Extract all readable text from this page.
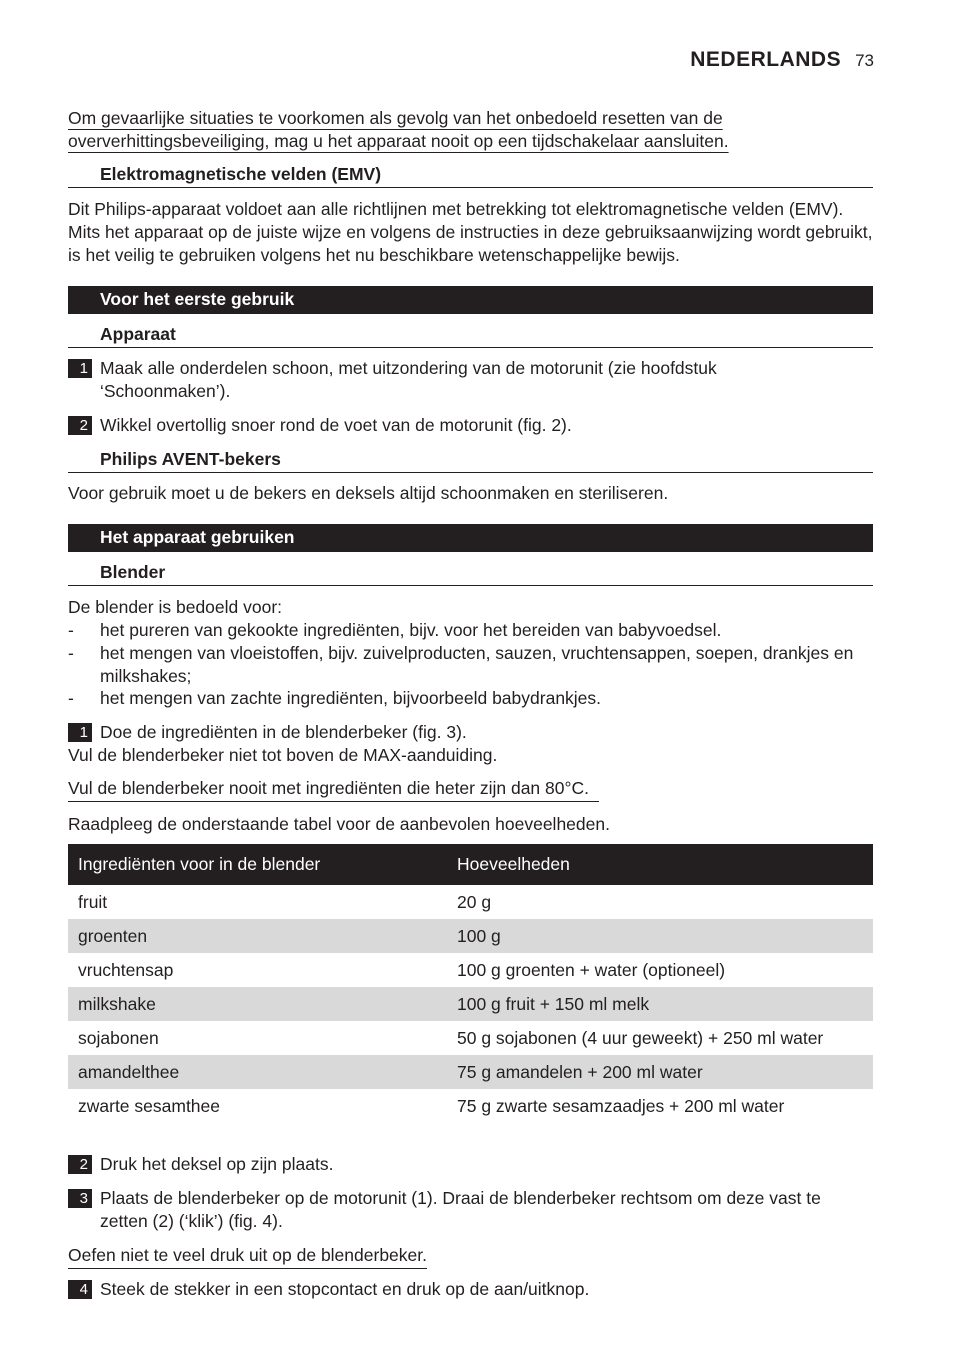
NEDERLANDS 73
Om gevaarlijke situaties te voorkomen als gevolg van het onbedoeld resetten van de oververhittingsbeveiliging, mag u het apparaat nooit op een tijdschakelaar aansluiten.
Elektromagnetische velden (EMV)
Dit Philips-apparaat voldoet aan alle richtlijnen met betrekking tot elektromagnetische velden (EMV). Mits het apparaat op de juiste wijze en volgens de instructies in deze gebruiksaanwijzing wordt gebruikt, is het veilig te gebruiken volgens het nu beschikbare wetenschappelijke bewijs.
Voor het eerste gebruik
Apparaat
1 Maak alle onderdelen schoon, met uitzondering van de motorunit (zie hoofdstuk ‘Schoonmaken’).
2 Wikkel overtollig snoer rond de voet van de motorunit (fig. 2).
Philips AVENT-bekers
Voor gebruik moet u de bekers en deksels altijd schoonmaken en steriliseren.
Het apparaat gebruiken
Blender
De blender is bedoeld voor:
- het pureren van gekookte ingrediënten, bijv. voor het bereiden van babyvoedsel.
- het mengen van vloeistoffen, bijv. zuivelproducten, sauzen, vruchtensappen, soepen, drankjes en milkshakes;
- het mengen van zachte ingrediënten, bijvoorbeeld babydrankjes.
1 Doe de ingrediënten in de blenderbeker (fig. 3).
Vul de blenderbeker niet tot boven de MAX-aanduiding.
Vul de blenderbeker nooit met ingrediënten die heter zijn dan 80°C.
Raadpleeg de onderstaande tabel voor de aanbevolen hoeveelheden.
Ingrediënten voor in de blender	Hoeveelheden
fruit	20 g
groenten	100 g
vruchtensap	100 g groenten + water (optioneel)
milkshake	100 g fruit + 150 ml melk
sojabonen	50 g sojabonen (4 uur geweekt) + 250 ml water
amandelthee	75 g amandelen + 200 ml water
zwarte sesamthee	75 g zwarte sesamzaadjes + 200 ml water
2 Druk het deksel op zijn plaats.
3 Plaats de blenderbeker op de motorunit (1). Draai de blenderbeker rechtsom om deze vast te zetten (2) (‘klik’) (fig. 4).
Oefen niet te veel druk uit op de blenderbeker.
4 Steek de stekker in een stopcontact en druk op de aan/uitknop.
